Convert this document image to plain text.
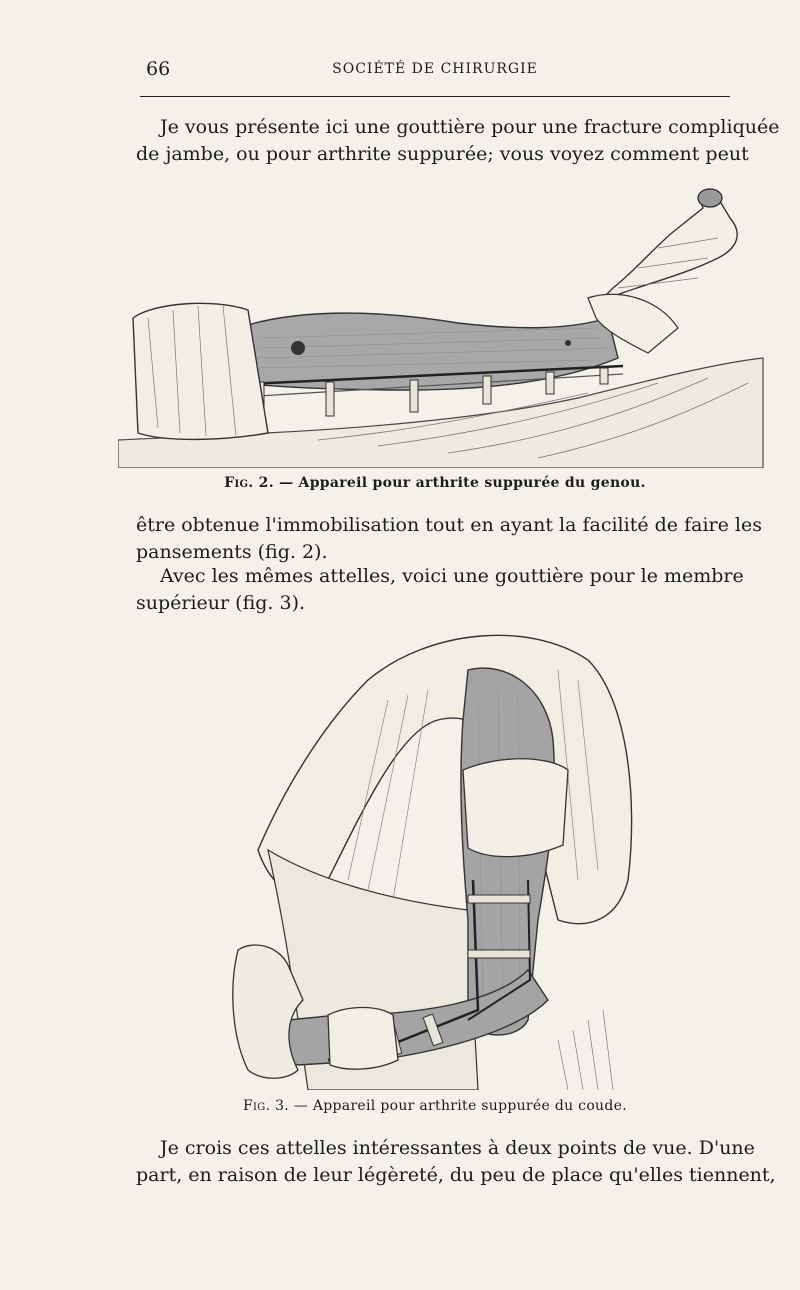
66	SOCIÉTÉ DE CHIRURGIE

Je vous présente ici une gouttière pour une fracture compliquée
de jambe, ou pour arthrite suppurée; vous voyez comment peut

Fig. 2. — Appareil pour arthrite suppurée du genou.

être obtenue l'immobilisation tout en ayant la facilité de faire les
pansements (fig. 2).

Avec les mêmes attelles, voici une gouttière pour le membre
supérieur (fig. 3).

Fig. 3. — Appareil pour arthrite suppurée du coude.

Je crois ces attelles intéressantes à deux points de vue. D'une
part, en raison de leur légèreté, du peu de place qu'elles tiennent,
